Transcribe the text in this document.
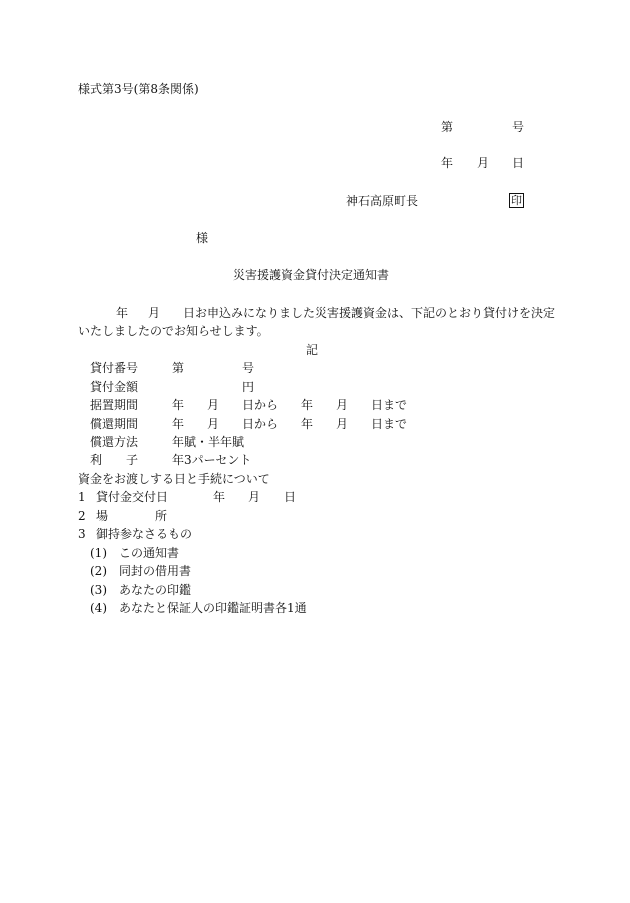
様式第3号(第8条関係)
第	号
年 月 日
神石高原町長	印
様
災害援護資金貸付決定通知書
年 月 日お申込みになりました災害援護資金は、下記のとおり貸付けを決定
いたしましたのでお知らせします。
記
貸付番号	第	号
貸付金額	円
据置期間	年 月 日から 年 月 日まで
償還期間	年 月 日から 年 月 日まで
償還方法	年賦・半年賦
利 子	年3パーセント
資金をお渡しする日と手続について
1 貸付金交付日	年 月 日
2 場	所
3 御持参なさるもの
(1) この通知書
(2) 同封の借用書
(3) あなたの印鑑
(4) あなたと保証人の印鑑証明書各1通
